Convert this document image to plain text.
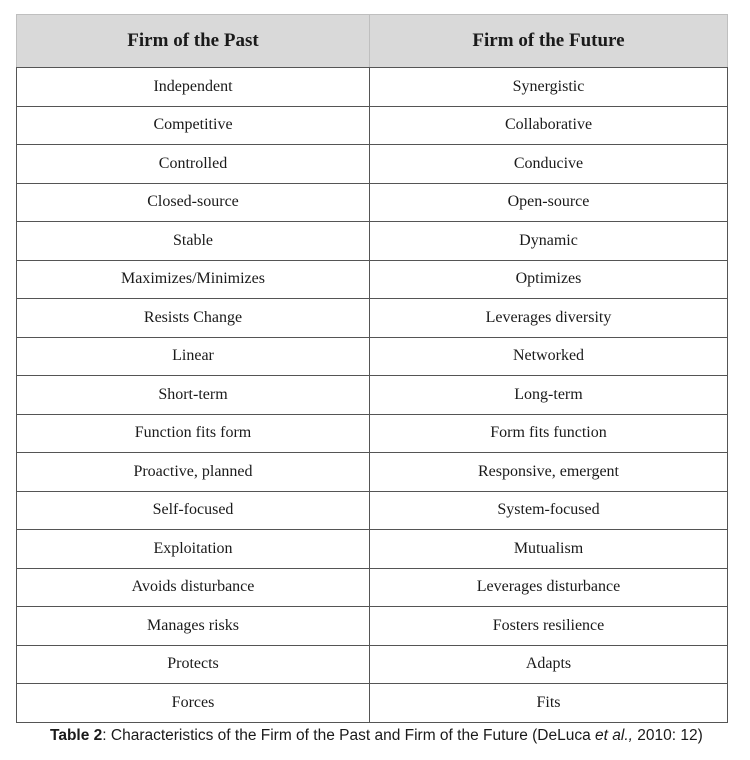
Firm of the Past	Firm of the Future
Independent	Synergistic
Competitive	Collaborative
Controlled	Conducive
Closed-source	Open-source
Stable	Dynamic
Maximizes/Minimizes	Optimizes
Resists Change	Leverages diversity
Linear	Networked
Short-term	Long-term
Function fits form	Form fits function
Proactive, planned	Responsive, emergent
Self-focused	System-focused
Exploitation	Mutualism
Avoids disturbance	Leverages disturbance
Manages risks	Fosters resilience
Protects	Adapts
Forces	Fits
Table 2: Characteristics of the Firm of the Past and Firm of the Future (DeLuca et al., 2010: 12)
